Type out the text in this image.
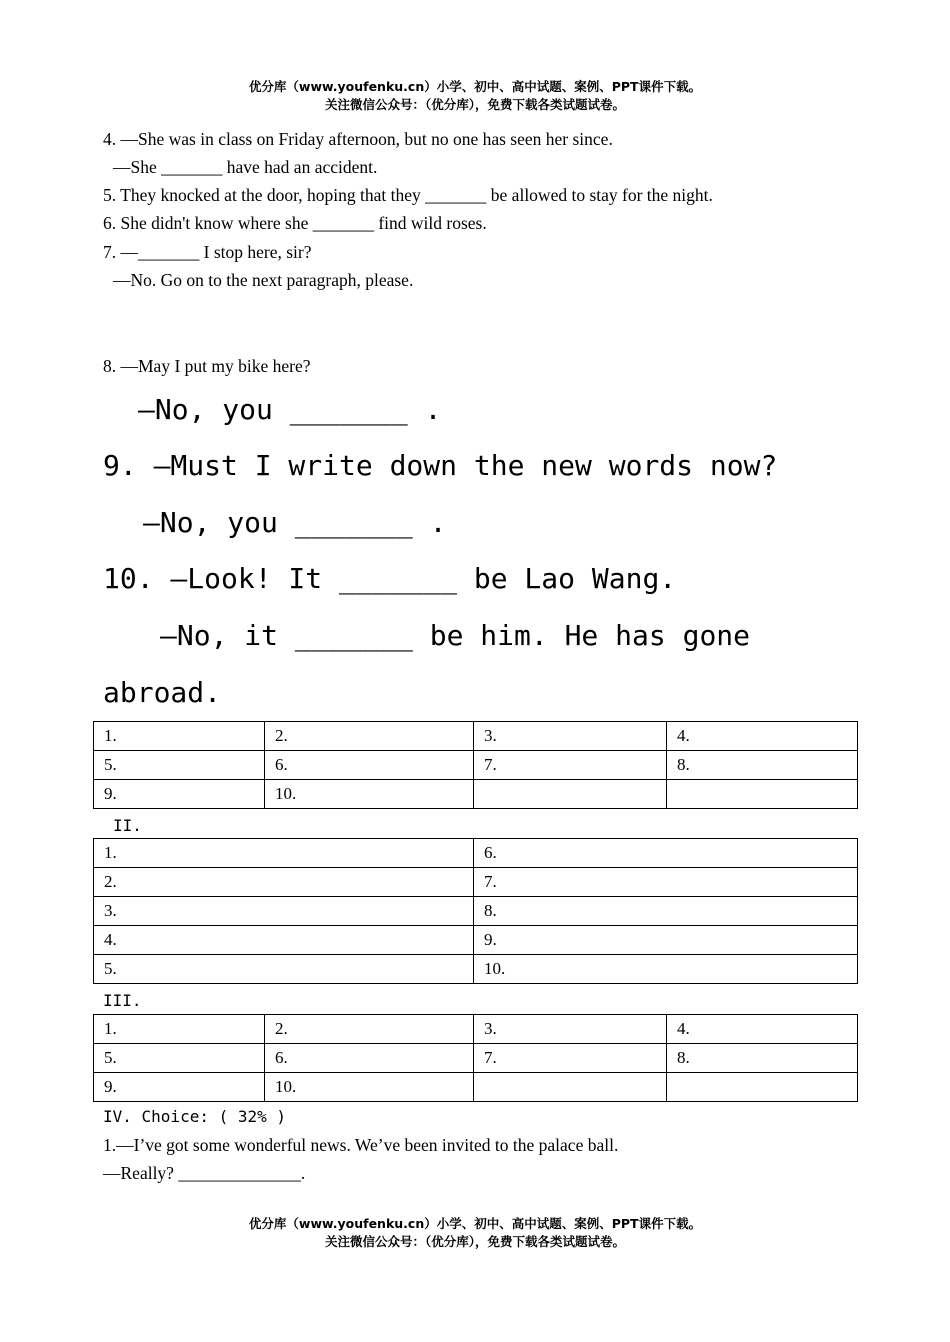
优分库（www.youfenku.cn）小学、初中、高中试题、案例、PPT课件下载。
关注微信公众号：（优分库），免费下载各类试题试卷。
4. —She was in class on Friday afternoon, but no one has seen her since.
—She _______ have had an accident.
5. They knocked at the door, hoping that they _______ be allowed to stay for the night.
6. She didn't know where she _______ find wild roses.
7. —_______ I stop here, sir?
—No. Go on to the next paragraph, please.
8. —May I put my bike here?
—No, you _______ .
9. —Must I write down the new words now?
—No, you _______ .
10. —Look! It _______ be Lao Wang.
—No, it _______ be him. He has gone
abroad.
1.	2.	3.	4.
5.	6.	7.	8.
9.	10.		
II.
1.	6.
2.	7.
3.	8.
4.	9.
5.	10.
III.
1.	2.	3.	4.
5.	6.	7.	8.
9.	10.		
IV. Choice: ( 32% )
1.—I’ve got some wonderful news. We’ve been invited to the palace ball.
—Really? ______________.
优分库（www.youfenku.cn）小学、初中、高中试题、案例、PPT课件下载。
关注微信公众号：（优分库），免费下载各类试题试卷。
